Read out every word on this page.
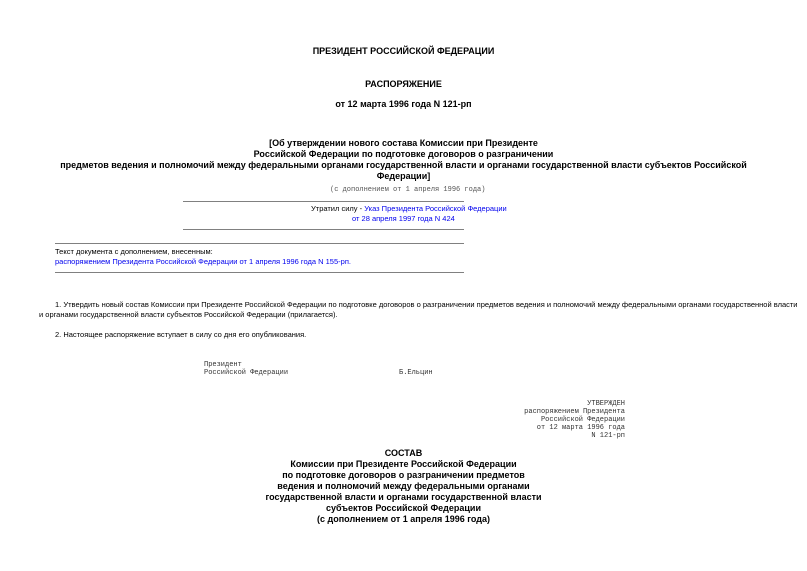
ПРЕЗИДЕНТ РОССИЙСКОЙ ФЕДЕРАЦИИ
РАСПОРЯЖЕНИЕ
от 12 марта 1996 года N 121-рп
[Об утверждении нового состава Комиссии при Президенте
Российской Федерации по подготовке договоров о разграничении
предметов ведения и полномочий между федеральными органами государственной власти и органами государственной власти субъектов Российской
Федерации]
(с дополнением от 1 апреля 1996 года)
Утратил силу - Указ Президента Российской Федерации
от 28 апреля 1997 года N 424
Текст документа с дополнением, внесенным:
распоряжением Президента Российской Федерации от 1 апреля 1996 года N 155-рп.
1. Утвердить новый состав Комиссии при Президенте Российской Федерации по подготовке договоров о разграничении предметов ведения и полномочий между федеральными органами государственной власти
и органами государственной власти субъектов Российской Федерации (прилагается).
2. Настоящее распоряжение вступает в силу со дня его опубликования.
Президент
Российской Федерации	Б.Ельцин
УТВЕРЖДЕН
распоряжением Президента
Российской Федерации
от 12 марта 1996 года
N 121-рп
СОСТАВ
Комиссии при Президенте Российской Федерации
по подготовке договоров о разграничении предметов
ведения и полномочий между федеральными органами
государственной власти и органами государственной власти
субъектов Российской Федерации
(с дополнением от 1 апреля 1996 года)
